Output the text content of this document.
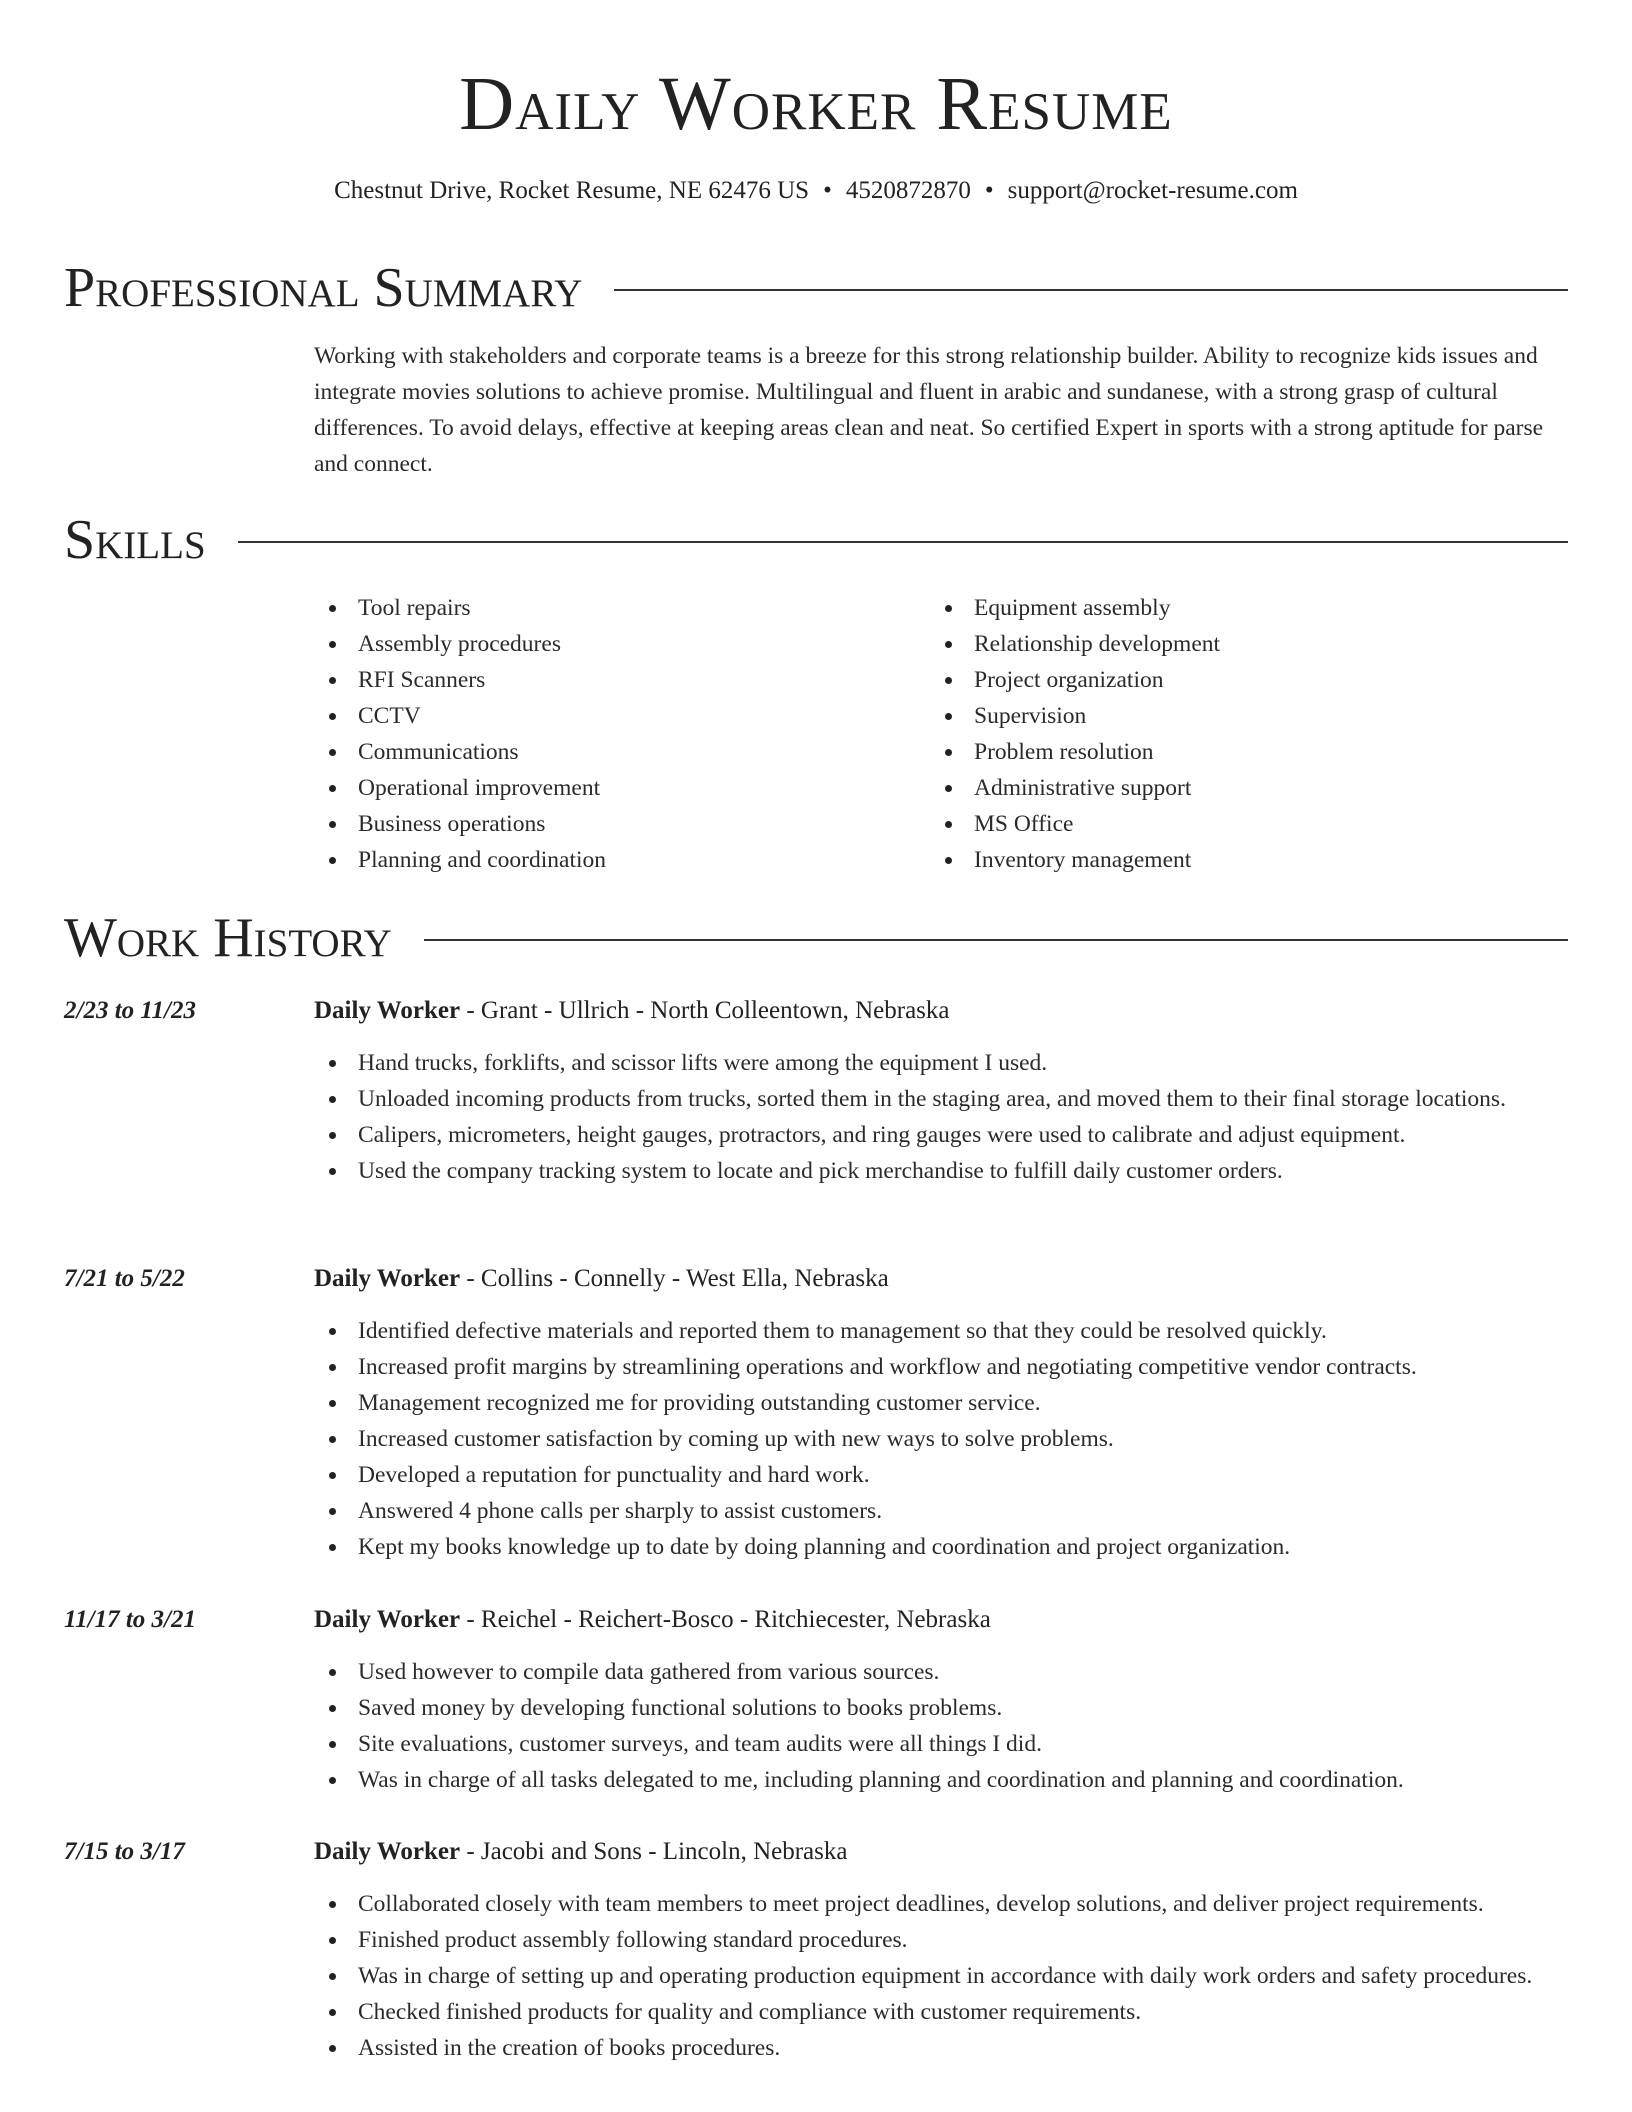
Daily Worker Resume
Chestnut Drive, Rocket Resume, NE 62476 US • 4520872870 • support@rocket-resume.com
Professional Summary
Working with stakeholders and corporate teams is a breeze for this strong relationship builder. Ability to recognize kids issues and integrate movies solutions to achieve promise. Multilingual and fluent in arabic and sundanese, with a strong grasp of cultural differences. To avoid delays, effective at keeping areas clean and neat. So certified Expert in sports with a strong aptitude for parse and connect.
Skills
Tool repairs
Assembly procedures
RFI Scanners
CCTV
Communications
Operational improvement
Business operations
Planning and coordination
Equipment assembly
Relationship development
Project organization
Supervision
Problem resolution
Administrative support
MS Office
Inventory management
Work History
2/23 to 11/23	Daily Worker - Grant - Ullrich - North Colleentown, Nebraska
Hand trucks, forklifts, and scissor lifts were among the equipment I used.
Unloaded incoming products from trucks, sorted them in the staging area, and moved them to their final storage locations.
Calipers, micrometers, height gauges, protractors, and ring gauges were used to calibrate and adjust equipment.
Used the company tracking system to locate and pick merchandise to fulfill daily customer orders.
7/21 to 5/22	Daily Worker - Collins - Connelly - West Ella, Nebraska
Identified defective materials and reported them to management so that they could be resolved quickly.
Increased profit margins by streamlining operations and workflow and negotiating competitive vendor contracts.
Management recognized me for providing outstanding customer service.
Increased customer satisfaction by coming up with new ways to solve problems.
Developed a reputation for punctuality and hard work.
Answered 4 phone calls per sharply to assist customers.
Kept my books knowledge up to date by doing planning and coordination and project organization.
11/17 to 3/21	Daily Worker - Reichel - Reichert-Bosco - Ritchiecester, Nebraska
Used however to compile data gathered from various sources.
Saved money by developing functional solutions to books problems.
Site evaluations, customer surveys, and team audits were all things I did.
Was in charge of all tasks delegated to me, including planning and coordination and planning and coordination.
7/15 to 3/17	Daily Worker - Jacobi and Sons - Lincoln, Nebraska
Collaborated closely with team members to meet project deadlines, develop solutions, and deliver project requirements.
Finished product assembly following standard procedures.
Was in charge of setting up and operating production equipment in accordance with daily work orders and safety procedures.
Checked finished products for quality and compliance with customer requirements.
Assisted in the creation of books procedures.
